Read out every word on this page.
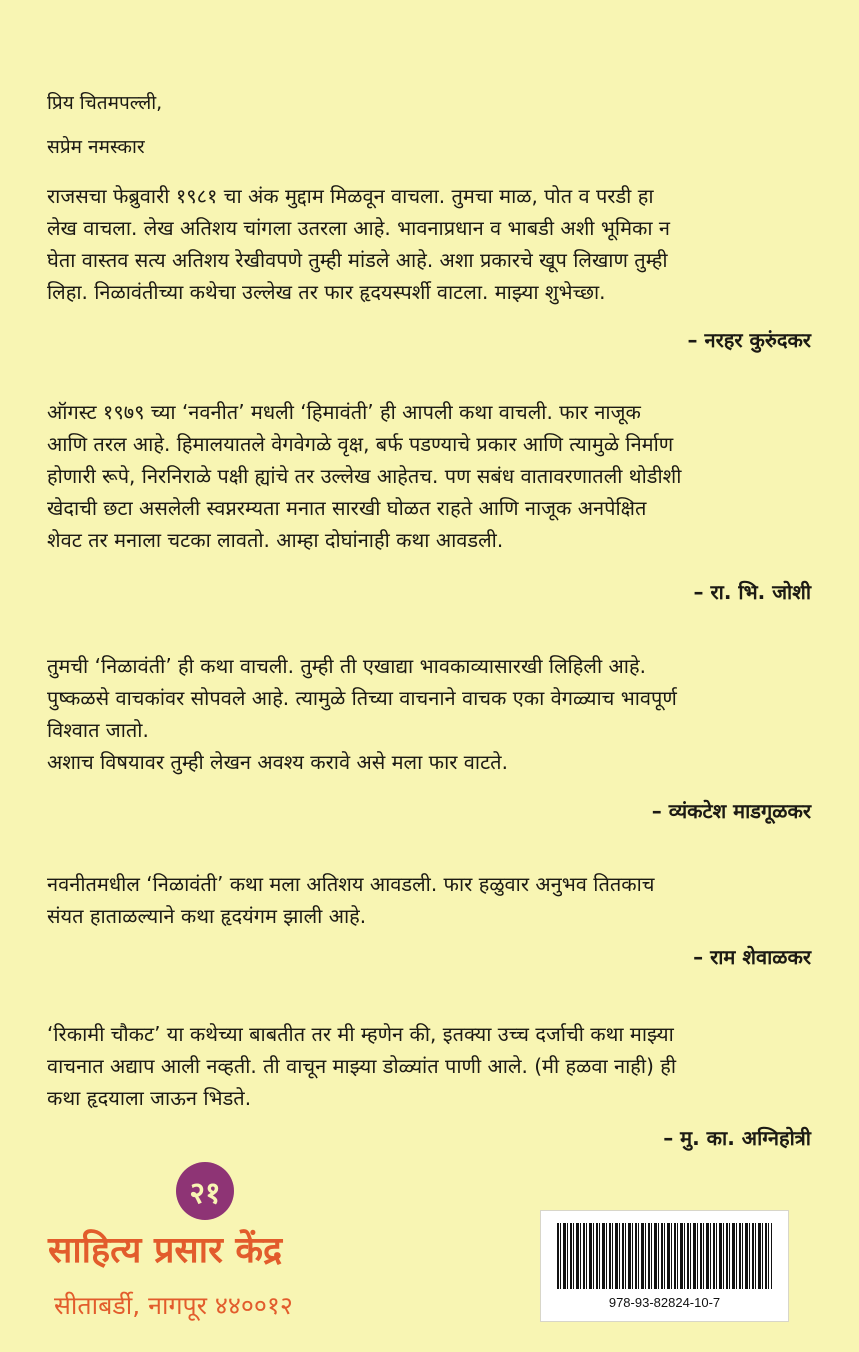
प्रिय चितमपल्ली,
सप्रेम नमस्कार

राजसचा फेब्रुवारी १९८१ चा अंक मुद्दाम मिळवून वाचला. तुमचा माळ, पोत व परडी हा

लेख वाचला. लेख अतिशय चांगला उतरला आहे. भावनाप्रधान व भाबडी अशी भूमिका न

घेता वास्तव सत्य अतिशय रेखीवपणे तुम्ही मांडले आहे. अशा प्रकारचे खूप लिखाण तुम्ही

लिहा. निळावंतीच्या कथेचा उल्लेख तर फार हृदयस्पर्शी वाटला. माझ्या शुभेच्छा.

– नरहर कुरुंदकर

ऑगस्ट १९७९ च्या ‘नवनीत’ मधली ‘हिमावंती’ ही आपली कथा वाचली. फार नाजूक

आणि तरल आहे. हिमालयातले वेगवेगळे वृक्ष, बर्फ पडण्याचे प्रकार आणि त्यामुळे निर्माण

होणारी रूपे, निरनिराळे पक्षी ह्यांचे तर उल्लेख आहेतच. पण सबंध वातावरणातली थोडीशी

खेदाची छटा असलेली स्वप्नरम्यता मनात सारखी घोळत राहते आणि नाजूक अनपेक्षित

शेवट तर मनाला चटका लावतो. आम्हा दोघांनाही कथा आवडली.

– रा. भि. जोशी

तुमची ‘निळावंती’ ही कथा वाचली. तुम्ही ती एखाद्या भावकाव्यासारखी लिहिली आहे.

पुष्कळसे वाचकांवर सोपवले आहे. त्यामुळे तिच्या वाचनाने वाचक एका वेगळ्याच भावपूर्ण

विश्वात जातो.

अशाच विषयावर तुम्ही लेखन अवश्य करावे असे मला फार वाटते.

– व्यंकटेश माडगूळकर

नवनीतमधील ‘निळावंती’ कथा मला अतिशय आवडली. फार हळुवार अनुभव तितकाच

संयत हाताळल्याने कथा हृदयंगम झाली आहे.

– राम शेवाळकर

‘रिकामी चौकट’ या कथेच्या बाबतीत तर मी म्हणेन की, इतक्या उच्च दर्जाची कथा माझ्या

वाचनात अद्याप आली नव्हती. ती वाचून माझ्या डोळ्यांत पाणी आले. (मी हळवा नाही) ही

कथा हृदयाला जाऊन भिडते.

– मु. का. अग्निहोत्री
२१
साहित्य प्रसार केंद्र
सीताबर्डी, नागपूर ४४००१२	978-93-82824-10-7
